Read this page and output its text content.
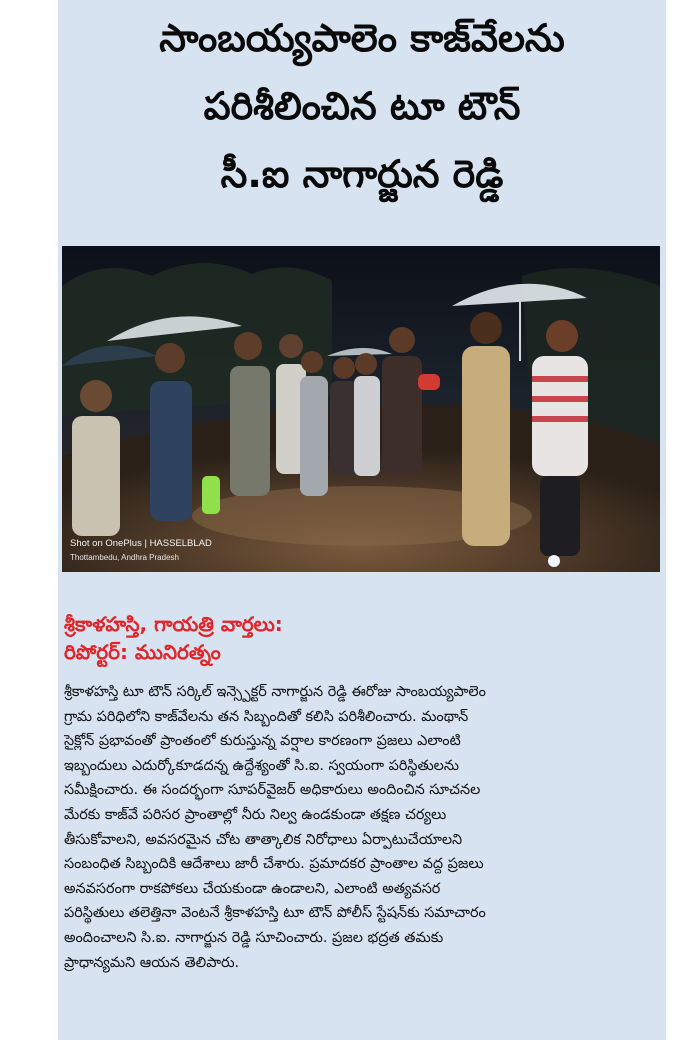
సాంబయ్యపాలెం కాజ్‌వేలను
పరిశీలించిన టూ టౌన్
సీ.ఐ నాగార్జున రెడ్డి
Shot on OnePlus | HASSELBLAD
Thottambedu, Andhra Pradesh
శ్రీకాళహస్తి, గాయత్రి వార్తలు:
రిపోర్టర్: మునిరత్నం
శ్రీకాళహస్తి టూ టౌన్ సర్కిల్ ఇన్స్పెక్టర్ నాగార్జున రెడ్డి ఈరోజు సాంబయ్యపాలెం
గ్రామ పరిధిలోని కాజ్‌వేలను తన సిబ్బందితో కలిసి పరిశీలించారు. మంథాన్
సైక్లోన్ ప్రభావంతో ప్రాంతంలో కురుస్తున్న వర్షాల కారణంగా ప్రజలు ఎలాంటి
ఇబ్బందులు ఎదుర్కోకూడదన్న ఉద్దేశ్యంతో సి.ఐ. స్వయంగా పరిస్థితులను
సమీక్షించారు. ఈ సందర్భంగా సూపర్‌వైజర్ అధికారులు అందించిన సూచనల
మేరకు కాజ్‌వే పరిసర ప్రాంతాల్లో నీరు నిల్వ ఉండకుండా తక్షణ చర్యలు
తీసుకోవాలని, అవసరమైన చోట తాత్కాలిక నిరోధాలు ఏర్పాటుచేయాలని
సంబంధిత సిబ్బందికి ఆదేశాలు జారీ చేశారు. ప్రమాదకర ప్రాంతాల వద్ద ప్రజలు
అనవసరంగా రాకపోకలు చేయకుండా ఉండాలని, ఎలాంటి అత్యవసర
పరిస్థితులు తలెత్తినా వెంటనే శ్రీకాళహస్తి టూ టౌన్ పోలీస్ స్టేషన్‌కు సమాచారం
అందించాలని సి.ఐ. నాగార్జున రెడ్డి సూచించారు. ప్రజల భద్రత తమకు
ప్రాధాన్యమని ఆయన తెలిపారు.
